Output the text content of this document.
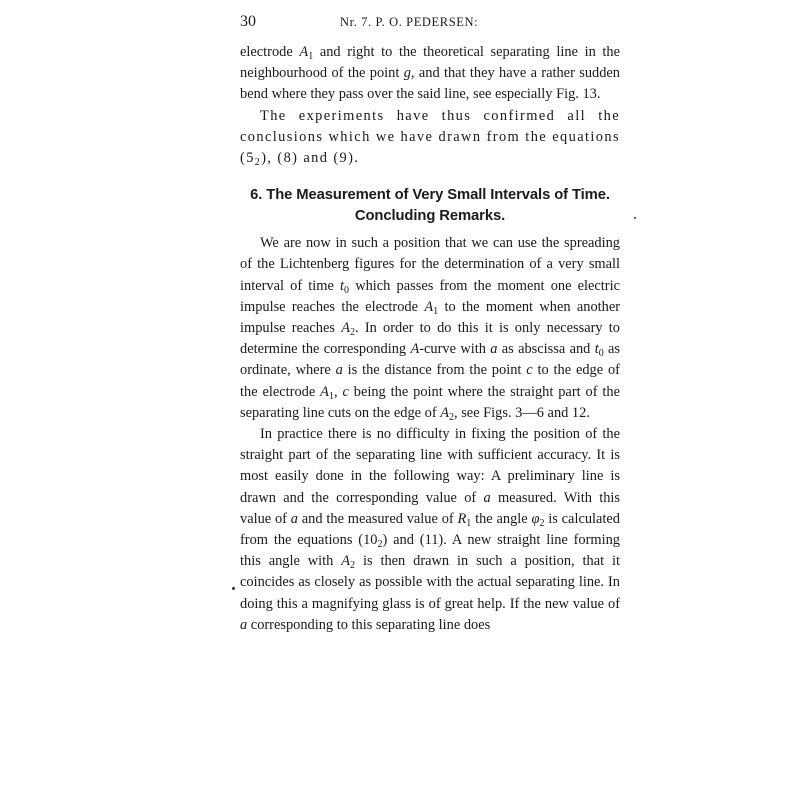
30	Nr. 7. P. O. PEDERSEN:

electrode $A_1$ and right to the theoretical separating line in the neighbourhood of the point g, and that they have a rather sudden bend where they pass over the said line, see especially Fig. 13.

The experiments have thus confirmed all the conclusions which we have drawn from the equations $(5_2)$, (8) and (9).

6. The Measurement of Very Small Intervals of Time.
Concluding Remarks.

We are now in such a position that we can use the spreading of the Lichtenberg figures for the determination of a very small interval of time $t_0$ which passes from the moment one electric impulse reaches the electrode $A_1$ to the moment when another impulse reaches $A_2$. In order to do this it is only necessary to determine the corresponding A-curve with a as abscissa and $t_0$ as ordinate, where a is the distance from the point c to the edge of the electrode $A_1$, c being the point where the straight part of the separating line cuts on the edge of $A_2$, see Figs. 3—6 and 12.

In practice there is no difficulty in fixing the position of the straight part of the separating line with sufficient accuracy. It is most easily done in the following way: A preliminary line is drawn and the corresponding value of a measured. With this value of a and the measured value of $R_1$ the angle $\varphi_2$ is calculated from the equations $(10_2)$ and (11). A new straight line forming this angle with $A_2$ is then drawn in such a position, that it coincides as closely as possible with the actual separating line. In doing this a magnifying glass is of great help. If the new value of a corresponding to this separating line does
